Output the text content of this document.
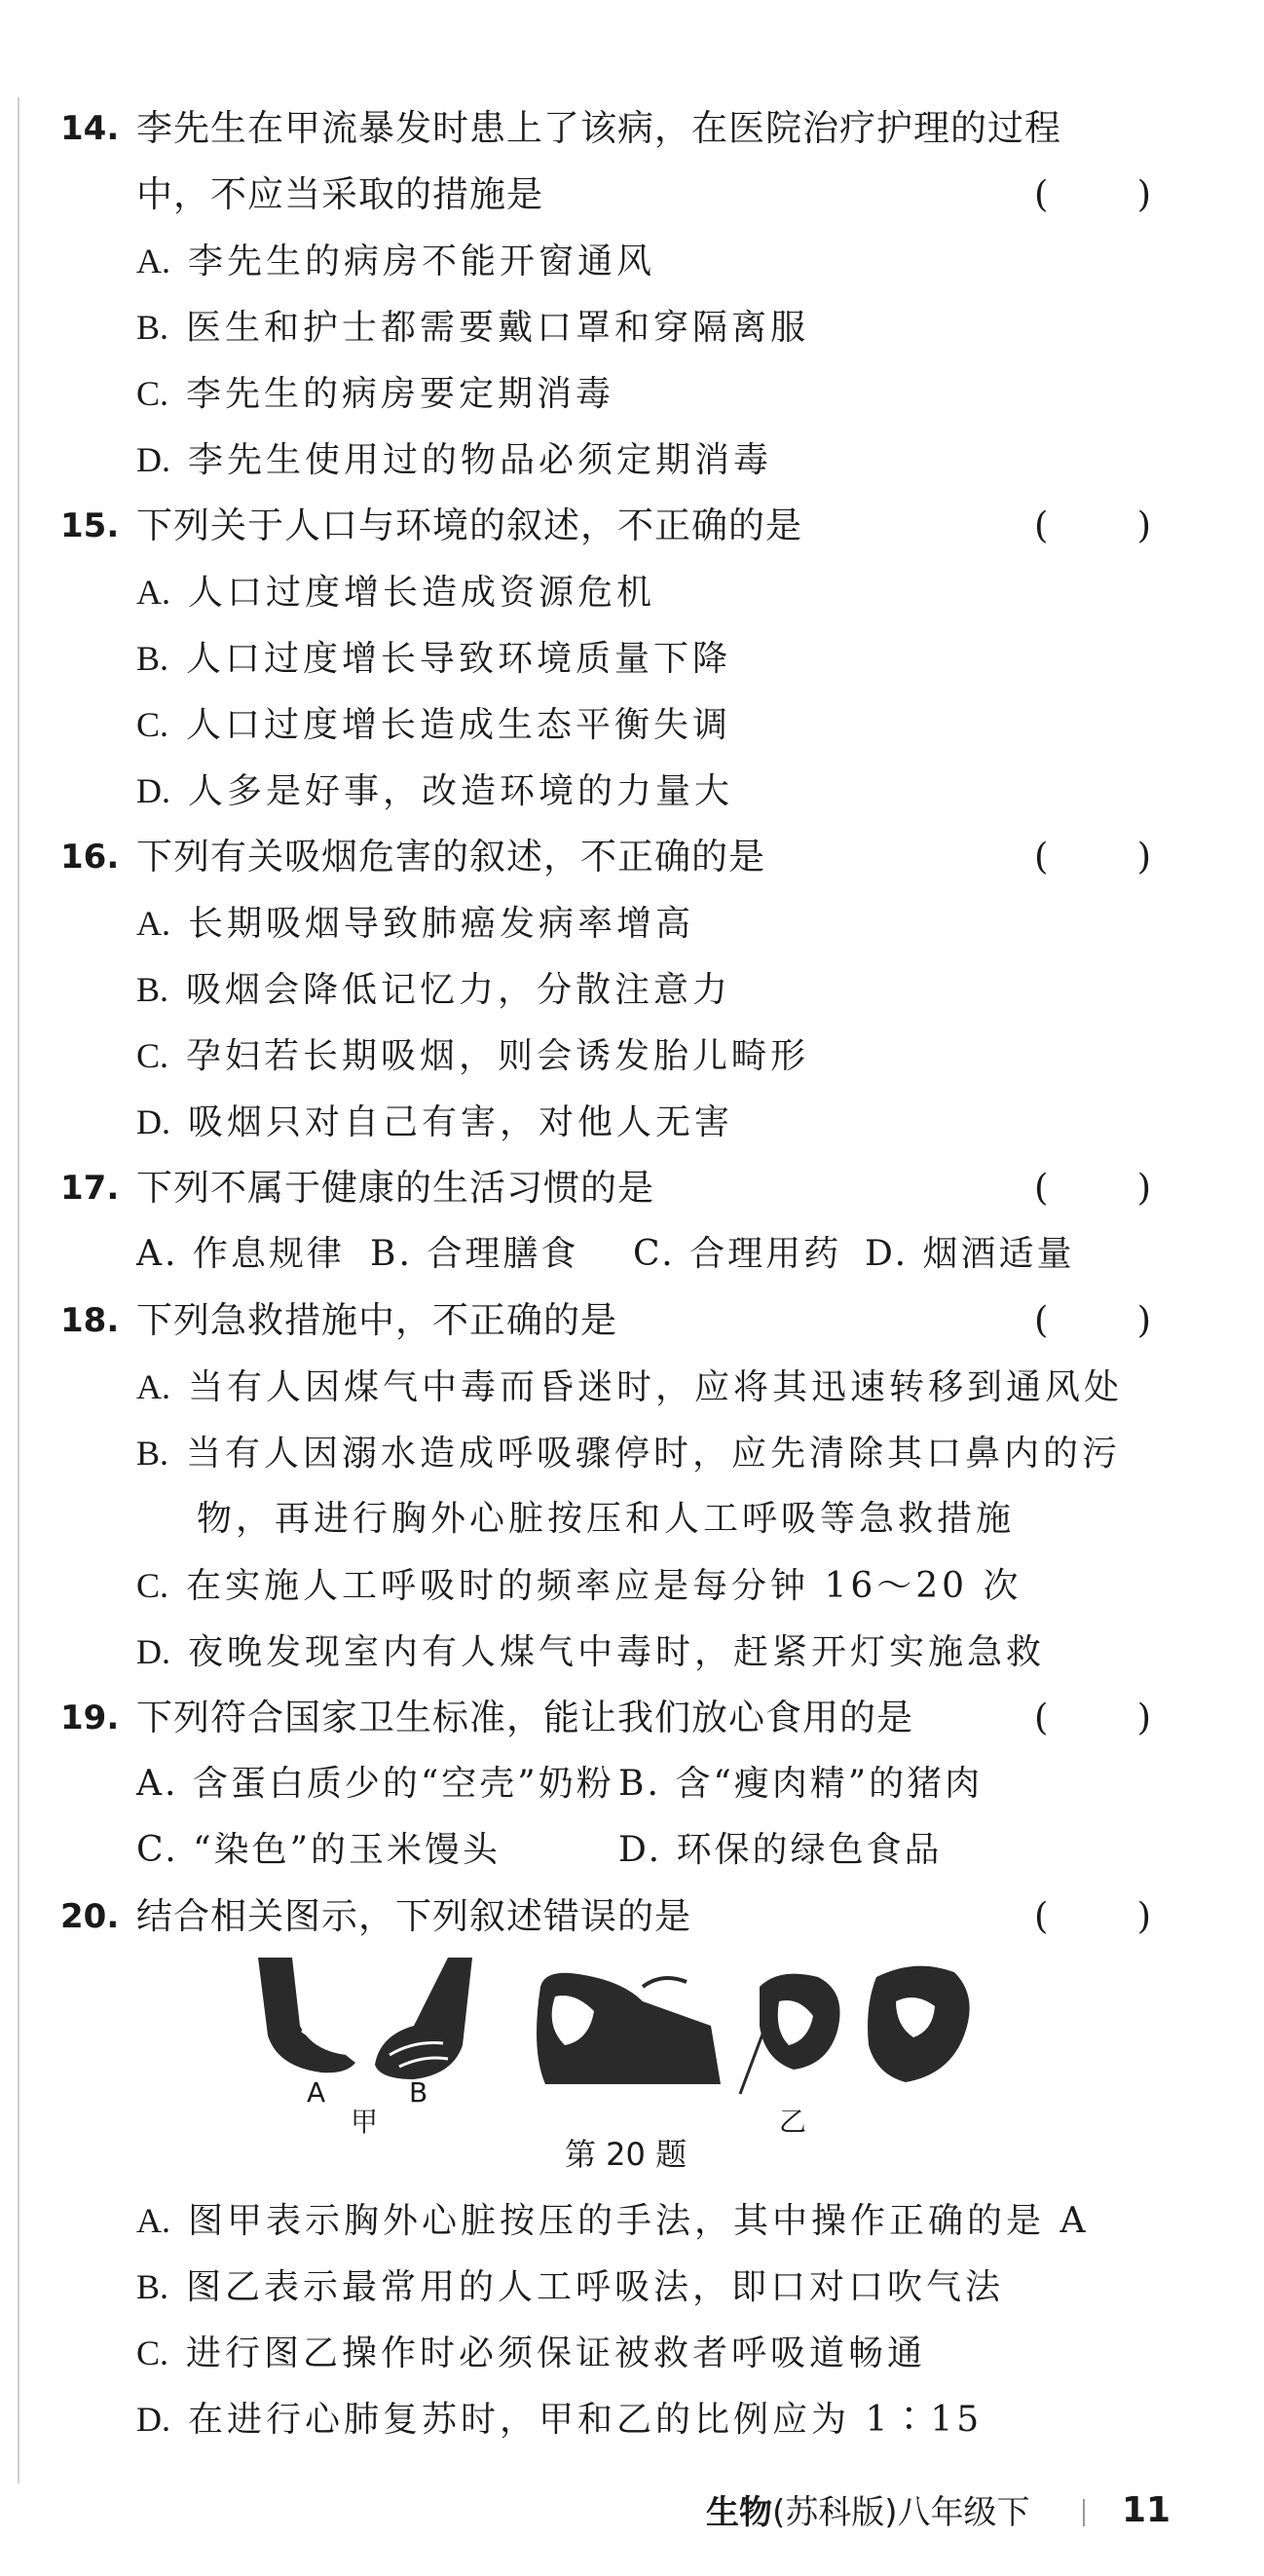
14. 李先生在甲流暴发时患上了该病，在医院治疗护理的过程
中，不应当采取的措施是	( )
A. 李先生的病房不能开窗通风
B. 医生和护士都需要戴口罩和穿隔离服
C. 李先生的病房要定期消毒
D. 李先生使用过的物品必须定期消毒
15. 下列关于人口与环境的叙述，不正确的是	( )
A. 人口过度增长造成资源危机
B. 人口过度增长导致环境质量下降
C. 人口过度增长造成生态平衡失调
D. 人多是好事，改造环境的力量大
16. 下列有关吸烟危害的叙述，不正确的是	( )
A. 长期吸烟导致肺癌发病率增高
B. 吸烟会降低记忆力，分散注意力
C. 孕妇若长期吸烟，则会诱发胎儿畸形
D. 吸烟只对自己有害，对他人无害
17. 下列不属于健康的生活习惯的是	( )
A. 作息规律 B. 合理膳食 C. 合理用药 D. 烟酒适量
18. 下列急救措施中，不正确的是	( )
A. 当有人因煤气中毒而昏迷时，应将其迅速转移到通风处
B. 当有人因溺水造成呼吸骤停时，应先清除其口鼻内的污
物，再进行胸外心脏按压和人工呼吸等急救措施
C. 在实施人工呼吸时的频率应是每分钟 16～20 次
D. 夜晚发现室内有人煤气中毒时，赶紧开灯实施急救
19. 下列符合国家卫生标准，能让我们放心食用的是	( )
A. 含蛋白质少的“空壳”奶粉 B. 含“瘦肉精”的猪肉
C. “染色”的玉米馒头	D. 环保的绿色食品
20. 结合相关图示，下列叙述错误的是	( )
A	B
甲	乙
第 20 题
A. 图甲表示胸外心脏按压的手法，其中操作正确的是 A
B. 图乙表示最常用的人工呼吸法，即口对口吹气法
C. 进行图乙操作时必须保证被救者呼吸道畅通
D. 在进行心肺复苏时，甲和乙的比例应为 1∶15
生物(苏科版)八年级下	11
